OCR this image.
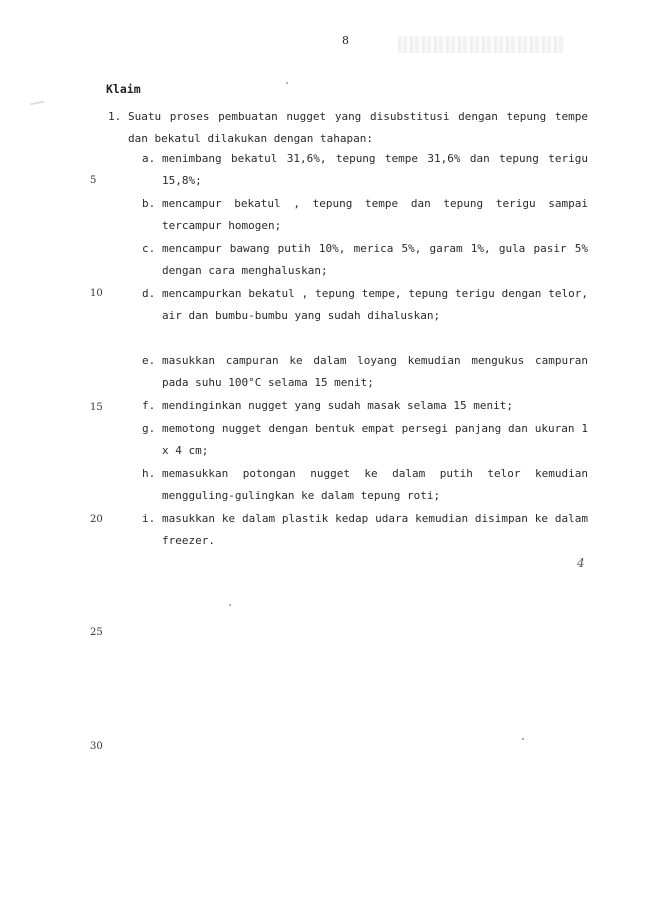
8
Klaim
1. Suatu proses pembuatan nugget yang disubstitusi dengan tepung tempe dan bekatul dilakukan dengan tahapan:
a. menimbang bekatul 31,6%, tepung tempe 31,6% dan tepung terigu 15,8%;
b. mencampur bekatul , tepung tempe dan tepung terigu sampai tercampur homogen;
c. mencampur bawang putih 10%, merica 5%, garam 1%, gula pasir 5% dengan cara menghaluskan;
d. mencampurkan bekatul , tepung tempe, tepung terigu dengan telor, air dan bumbu-bumbu yang sudah dihaluskan;
e. masukkan campuran ke dalam loyang kemudian mengukus campuran pada suhu 100°C selama 15 menit;
f. mendinginkan nugget yang sudah masak selama 15 menit;
g. memotong nugget dengan bentuk empat persegi panjang dan ukuran 1 x 4 cm;
h. memasukkan potongan nugget ke dalam putih telor kemudian mengguling-gulingkan ke dalam tepung roti;
i. masukkan ke dalam plastik kedap udara kemudian disimpan ke dalam freezer.
5
10
15
20
25
30
4
